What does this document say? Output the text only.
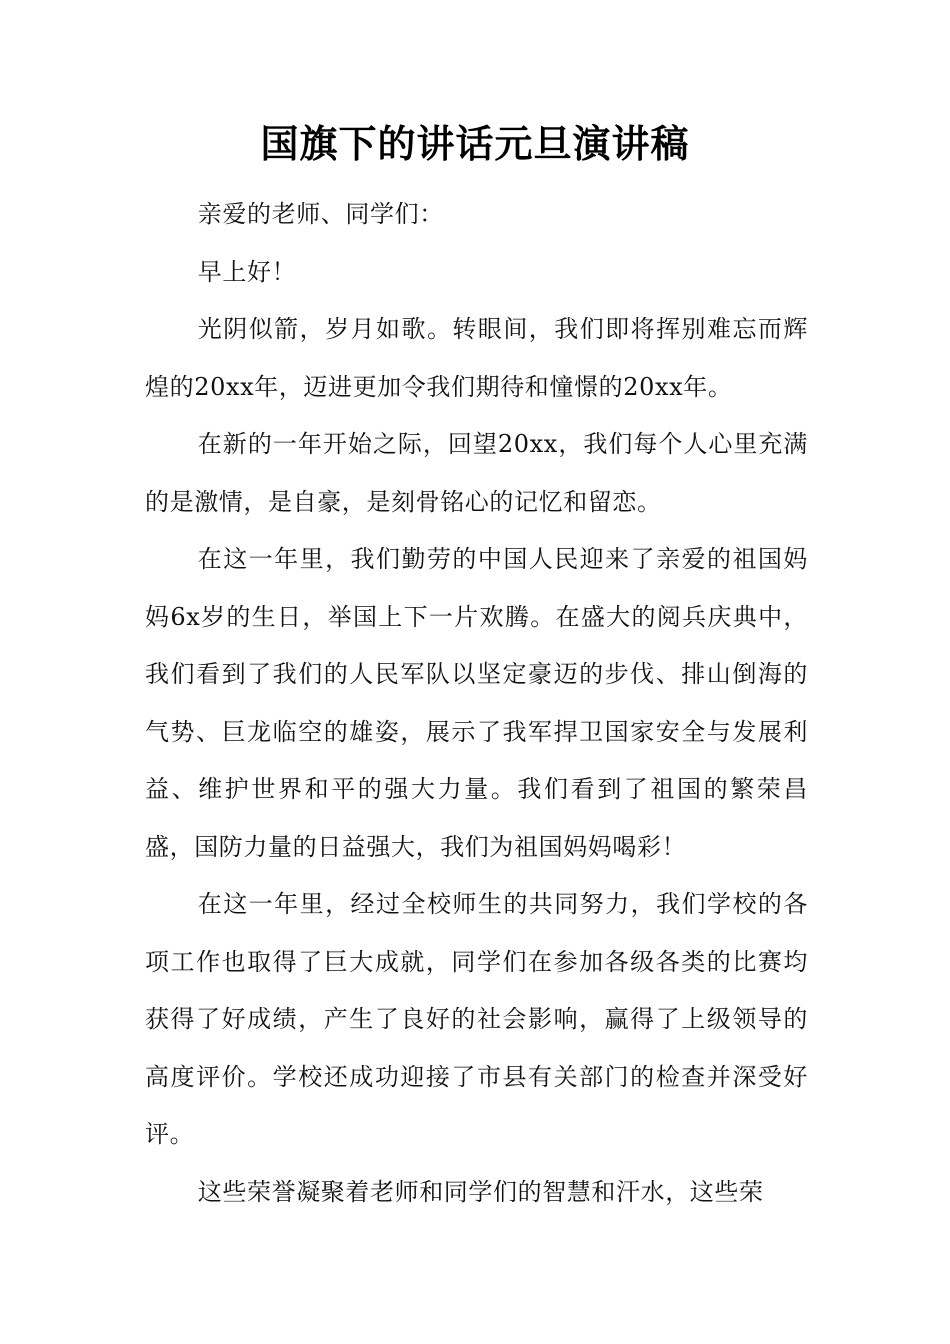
国旗下的讲话元旦演讲稿

亲爱的老师、同学们：

早上好！

光阴似箭，岁月如歌。转眼间，我们即将挥别难忘而辉煌的20xx年，迈进更加令我们期待和憧憬的20xx年。

在新的一年开始之际，回望20xx，我们每个人心里充满的是激情，是自豪，是刻骨铭心的记忆和留恋。

在这一年里，我们勤劳的中国人民迎来了亲爱的祖国妈妈6x岁的生日，举国上下一片欢腾。在盛大的阅兵庆典中，我们看到了我们的人民军队以坚定豪迈的步伐、排山倒海的气势、巨龙临空的雄姿，展示了我军捍卫国家安全与发展利益、维护世界和平的强大力量。我们看到了祖国的繁荣昌盛，国防力量的日益强大，我们为祖国妈妈喝彩！

在这一年里，经过全校师生的共同努力，我们学校的各项工作也取得了巨大成就，同学们在参加各级各类的比赛均获得了好成绩，产生了良好的社会影响，赢得了上级领导的高度评价。学校还成功迎接了市县有关部门的检查并深受好评。

这些荣誉凝聚着老师和同学们的智慧和汗水，这些荣
